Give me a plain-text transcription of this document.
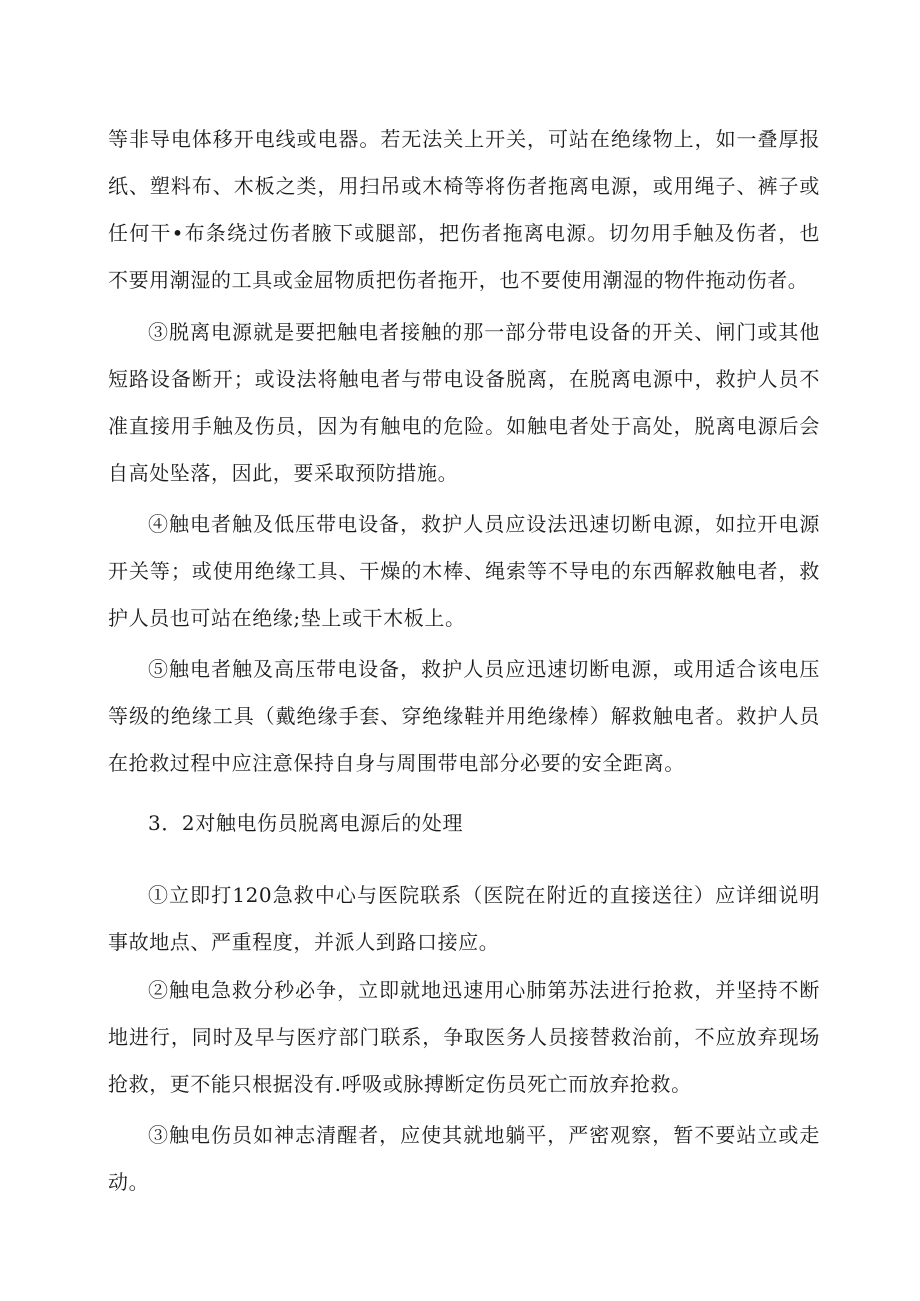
等非导电体移开电线或电器。若无法关上开关，可站在绝缘物上，如一叠厚报纸、塑料布、木板之类，用扫吊或木椅等将伤者拖离电源，或用绳子、裤子或任何干•布条绕过伤者腋下或腿部，把伤者拖离电源。切勿用手触及伤者，也不要用潮湿的工具或金屈物质把伤者拖开，也不要使用潮湿的物件拖动伤者。

③脱离电源就是要把触电者接触的那一部分带电设备的开关、闸门或其他短路设备断开；或设法将触电者与带电设备脱离，在脱离电源中，救护人员不准直接用手触及伤员，因为有触电的危险。如触电者处于高处，脱离电源后会自高处坠落，因此，要采取预防措施。

④触电者触及低压带电设备，救护人员应设法迅速切断电源，如拉开电源开关等；或使用绝缘工具、干燥的木棒、绳索等不导电的东西解救触电者，救护人员也可站在绝缘;垫上或干木板上。

⑤触电者触及高压带电设备，救护人员应迅速切断电源，或用适合该电压等级的绝缘工具（戴绝缘手套、穿绝缘鞋并用绝缘棒）解救触电者。救护人员在抢救过程中应注意保持自身与周围带电部分必要的安全距离。

3．2对触电伤员脱离电源后的处理

①立即打120急救中心与医院联系（医院在附近的直接送往）应详细说明事故地点、严重程度，并派人到路口接应。

②触电急救分秒必争，立即就地迅速用心肺第苏法进行抢救，并坚持不断地进行，同时及早与医疗部门联系，争取医务人员接替救治前，不应放弃现场抢救，更不能只根据没有.呼吸或脉搏断定伤员死亡而放弃抢救。

③触电伤员如神志清醒者，应使其就地躺平，严密观察，暂不要站立或走动。
